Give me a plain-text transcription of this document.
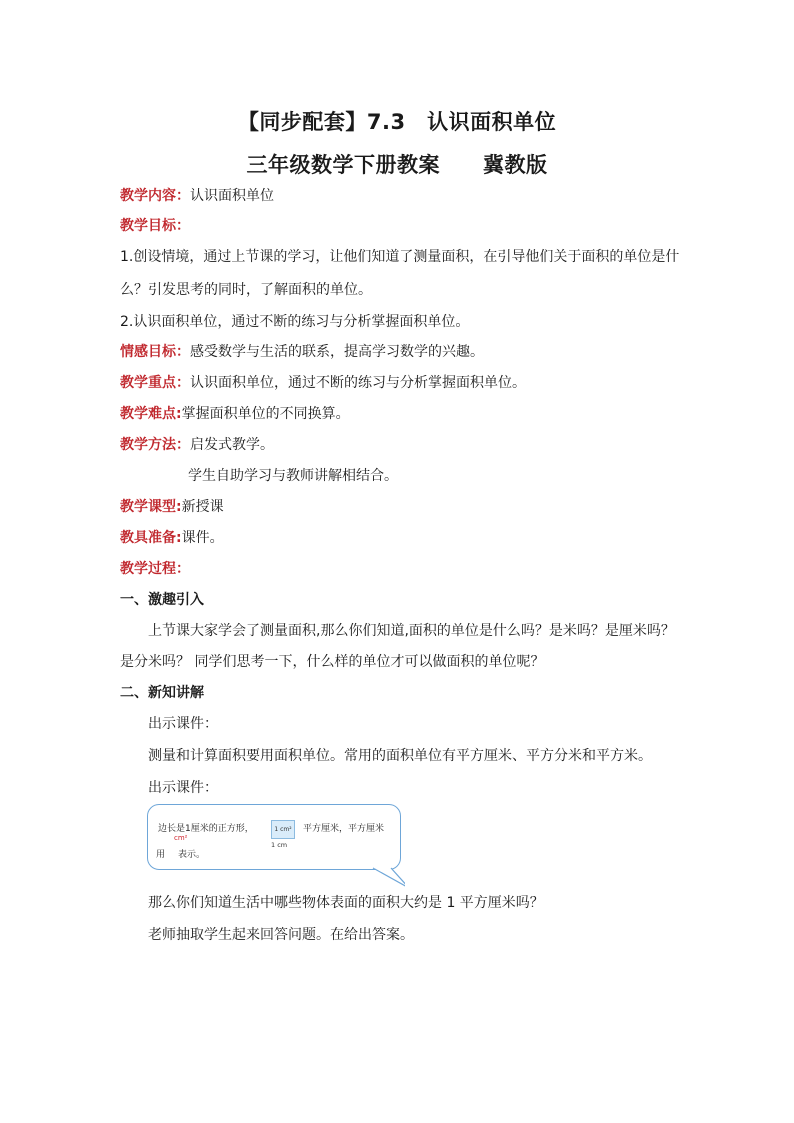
【同步配套】7.3　认识面积单位
三年级数学下册教案　　冀教版
教学内容：认识面积单位
教学目标：
1.创设情境，通过上节课的学习，让他们知道了测量面积，在引导他们关于面积的单位是什
么？引发思考的同时，了解面积的单位。
2.认识面积单位，通过不断的练习与分析掌握面积单位。
情感目标：感受数学与生活的联系，提高学习数学的兴趣。
教学重点：认识面积单位，通过不断的练习与分析掌握面积单位。
教学难点:掌握面积单位的不同换算。
教学方法：启发式教学。
学生自助学习与教师讲解相结合。
教学课型:新授课
教具准备:课件。
教学过程：
一、激趣引入
上节课大家学会了测量面积,那么你们知道,面积的单位是什么吗？是米吗？是厘米吗？
是分米吗？ 同学们思考一下，什么样的单位才可以做面积的单位呢？
二、新知讲解
出示课件：
测量和计算面积要用面积单位。常用的面积单位有平方厘米、平方分米和平方米。
出示课件：
边长是1厘米的正方形，
cm²
1 cm²
1 cm
平方厘米，平方厘米
用 表示。
那么你们知道生活中哪些物体表面的面积大约是 1 平方厘米吗？
老师抽取学生起来回答问题。在给出答案。
